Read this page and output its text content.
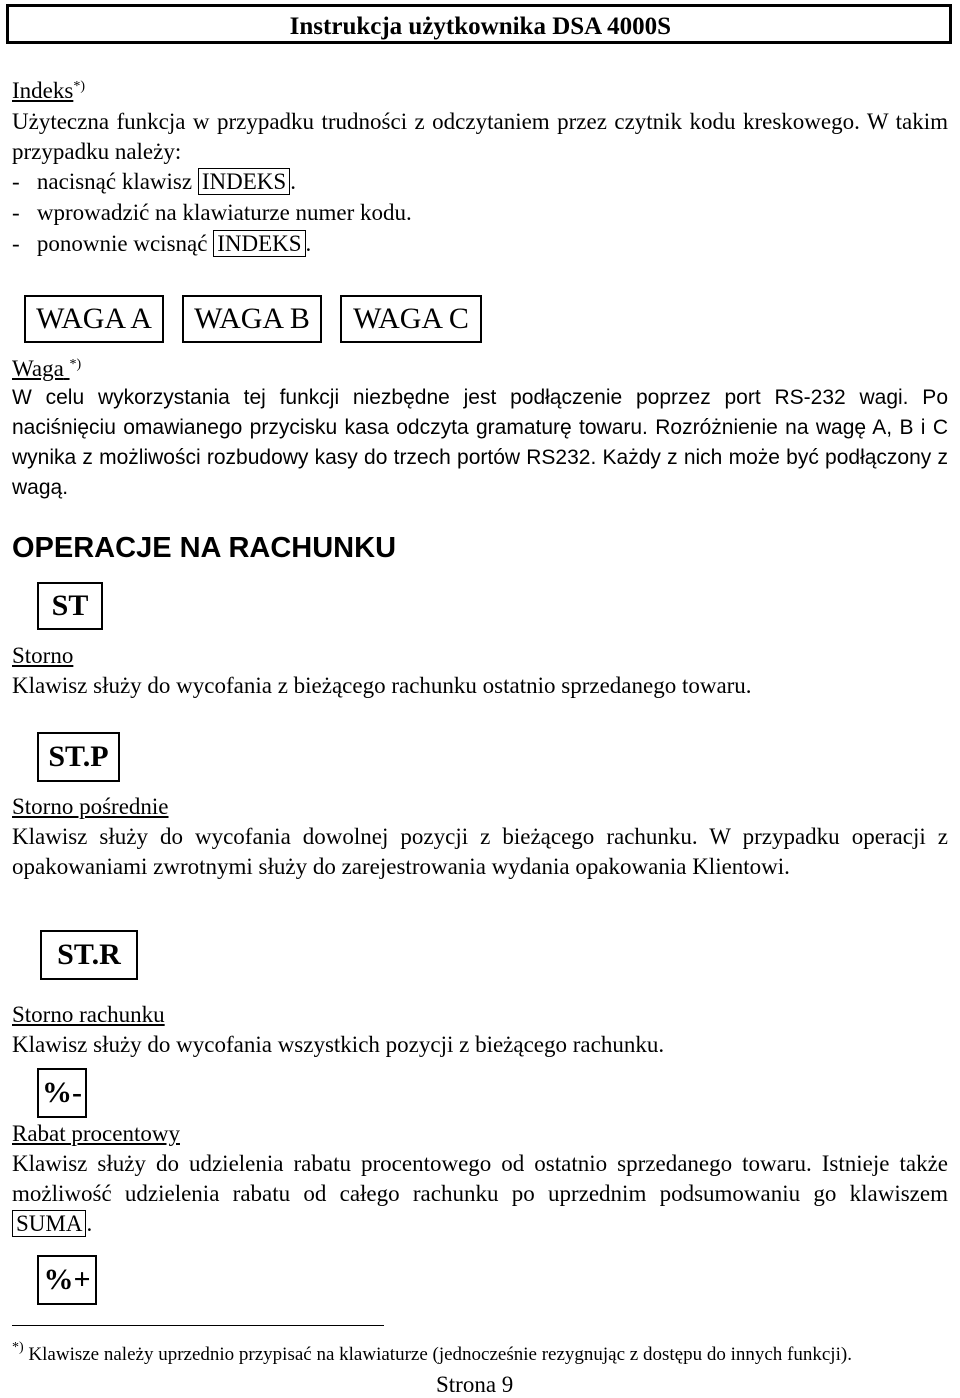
Instrukcja użytkownika DSA 4000S
Indeks*)
Użyteczna funkcja w przypadku trudności z odczytaniem przez czytnik kodu kreskowego. W takim przypadku należy:
-   nacisnąć klawisz INDEKS .
-   wprowadzić na klawiaturze numer kodu.
-   ponownie wcisnąć INDEKS .
WAGA A	WAGA B	WAGA C
Waga *)
W celu wykorzystania tej funkcji niezbędne jest podłączenie poprzez port RS-232 wagi. Po naciśnięciu omawianego przycisku kasa odczyta gramaturę towaru. Rozróżnienie na wagę A, B i C wynika z możliwości rozbudowy kasy do trzech portów RS232. Każdy z nich może być podłączony z wagą.
OPERACJE NA RACHUNKU
ST
Storno
Klawisz służy do wycofania z bieżącego rachunku ostatnio sprzedanego towaru.
ST.P
Storno pośrednie
Klawisz służy do wycofania dowolnej pozycji z bieżącego rachunku. W przypadku operacji z opakowaniami zwrotnymi służy do zarejestrowania wydania opakowania Klientowi.
ST.R
Storno rachunku
Klawisz służy do wycofania wszystkich pozycji z bieżącego rachunku.
%-
Rabat procentowy
Klawisz służy do udzielenia rabatu procentowego od ostatnio sprzedanego towaru. Istnieje także możliwość udzielenia rabatu od całego rachunku po uprzednim podsumowaniu go klawiszem SUMA .
%+
*) Klawisze należy uprzednio przypisać na klawiaturze (jednocześnie rezygnując z dostępu do innych funkcji).
Strona 9
